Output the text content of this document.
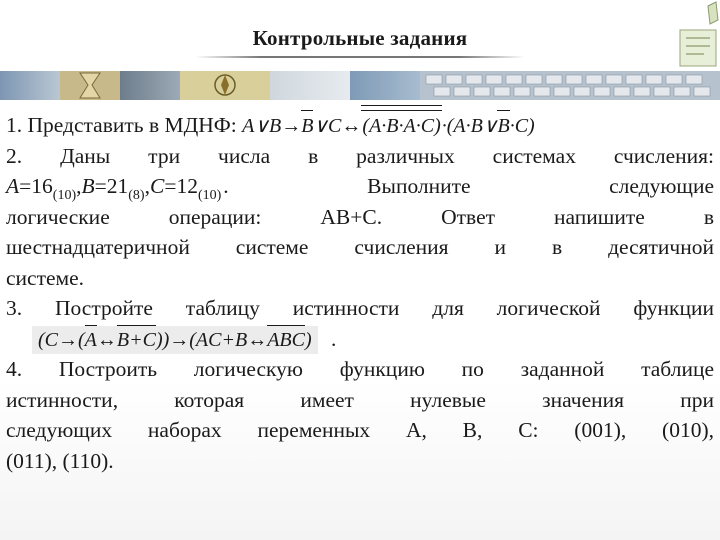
Контрольные задания
1. Представить в МДНФ: A∨B→B∨C↔(A·B·A·C)·(A·B∨B·C)
2. Даны три числа в различных системах счисления:
$A=16_{(10)}$, $B=21_{(8)}$, $C=12_{(10)}$ . Выполните следующие
логические операции: AB+C. Ответ напишите в
шестнадцатеричной системе счисления и в десятичной
системе.
3. Постройте таблицу истинности для логической функции
(C→(A↔B+C))→(AC+B↔ABC) .
4. Построить логическую функцию по заданной таблице
истинности, которая имеет нулевые значения при
следующих наборах переменных A, B, C: (001), (010),
(011), (110).
